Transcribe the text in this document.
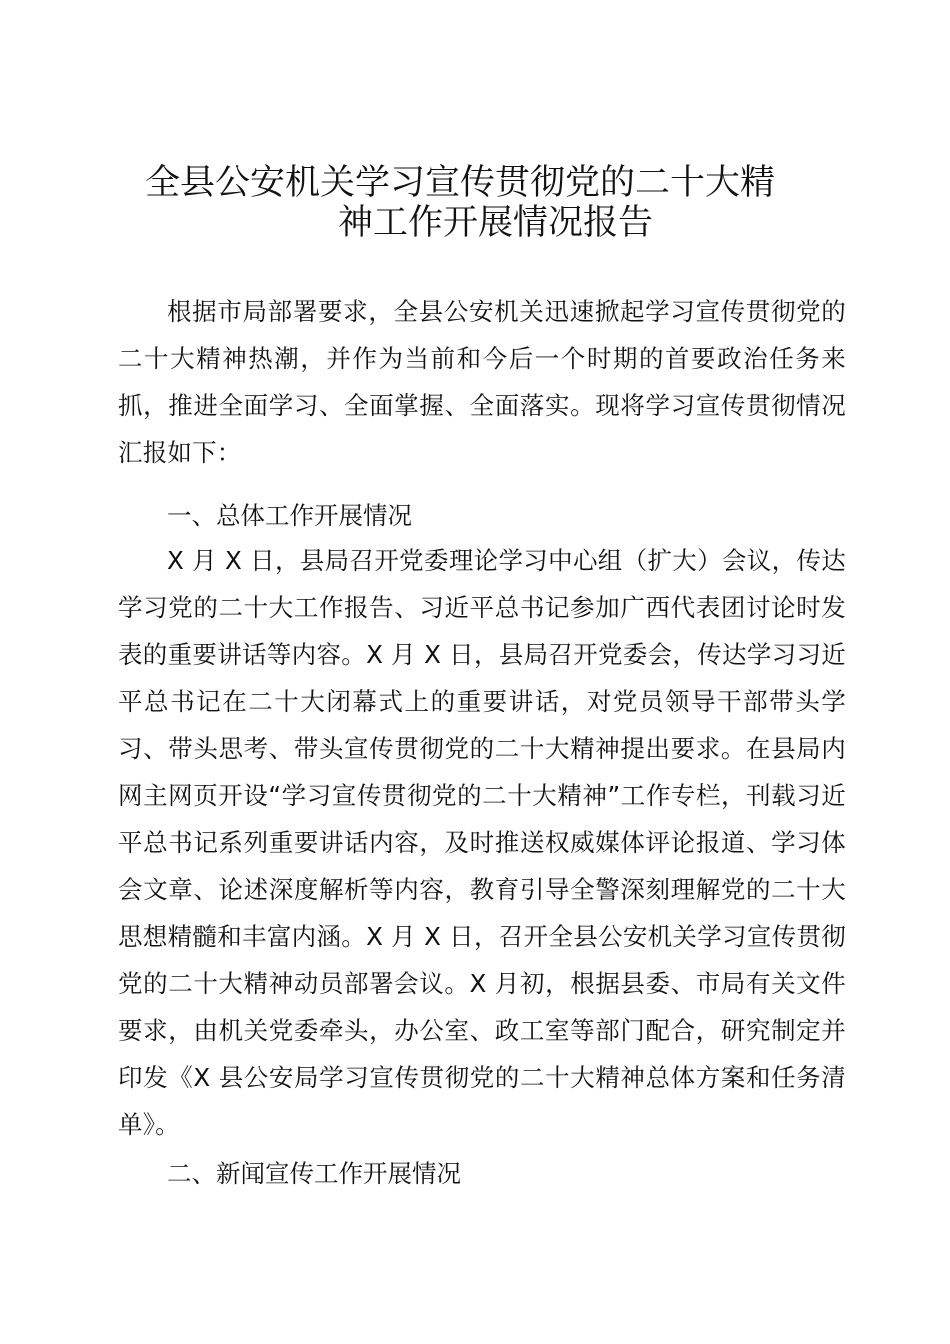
全县公安机关学习宣传贯彻党的二十大精
神工作开展情况报告
根据市局部署要求，全县公安机关迅速掀起学习宣传贯彻党的二十大精神热潮，并作为当前和今后一个时期的首要政治任务来抓，推进全面学习、全面掌握、全面落实。现将学习宣传贯彻情况汇报如下：
一、总体工作开展情况
X 月 X 日，县局召开党委理论学习中心组（扩大）会议，传达学习党的二十大工作报告、习近平总书记参加广西代表团讨论时发表的重要讲话等内容。X 月 X 日，县局召开党委会，传达学习习近平总书记在二十大闭幕式上的重要讲话，对党员领导干部带头学习、带头思考、带头宣传贯彻党的二十大精神提出要求。在县局内网主网页开设“学习宣传贯彻党的二十大精神”工作专栏，刊载习近平总书记系列重要讲话内容，及时推送权威媒体评论报道、学习体会文章、论述深度解析等内容，教育引导全警深刻理解党的二十大思想精髓和丰富内涵。X 月 X 日，召开全县公安机关学习宣传贯彻党的二十大精神动员部署会议。X 月初，根据县委、市局有关文件要求，由机关党委牵头，办公室、政工室等部门配合，研究制定并印发《X 县公安局学习宣传贯彻党的二十大精神总体方案和任务清单》。
二、新闻宣传工作开展情况
